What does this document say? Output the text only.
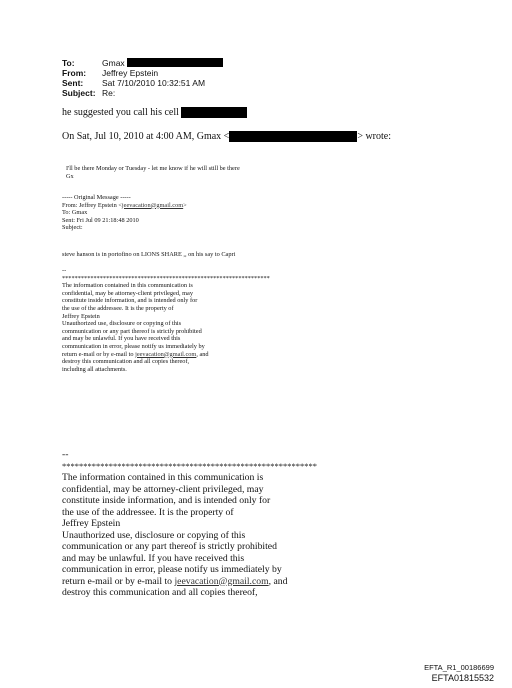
To:	Gmax
From:	Jeffrey Epstein
Sent:	Sat 7/10/2010 10:32:51 AM
Subject: Re:
he suggested you call his cell
On Sat, Jul 10, 2010 at 4:00 AM, Gmax <	> wrote:
I'll be there Monday or Tuesday - let me know if he will still be there
Gx
----- Original Message -----
From: Jeffrey Epstein <jeevacation@gmail.com>
To: Gmax
Sent: Fri Jul 09 21:18:48 2010
Subject:
steve hanson is in portofino on LIONS SHARE ,, on his say to Capri
--
******************************************************************
The information contained in this communication is
confidential, may be attorney-client privileged, may
constitute inside information, and is intended only for
the use of the addressee. It is the property of
Jeffrey Epstein
Unauthorized use, disclosure or copying of this
communication or any part thereof is strictly prohibited
and may be unlawful. If you have received this
communication in error, please notify us immediately by
return e-mail or by e-mail to jeevacation@gmail.com, and
destroy this communication and all copies thereof,
including all attachments.
--
************************************************************
The information contained in this communication is
confidential, may be attorney-client privileged, may
constitute inside information, and is intended only for
the use of the addressee. It is the property of
Jeffrey Epstein
Unauthorized use, disclosure or copying of this
communication or any part thereof is strictly prohibited
and may be unlawful. If you have received this
communication in error, please notify us immediately by
return e-mail or by e-mail to jeevacation@gmail.com, and
destroy this communication and all copies thereof,
EFTA_R1_00186699
EFTA01815532
